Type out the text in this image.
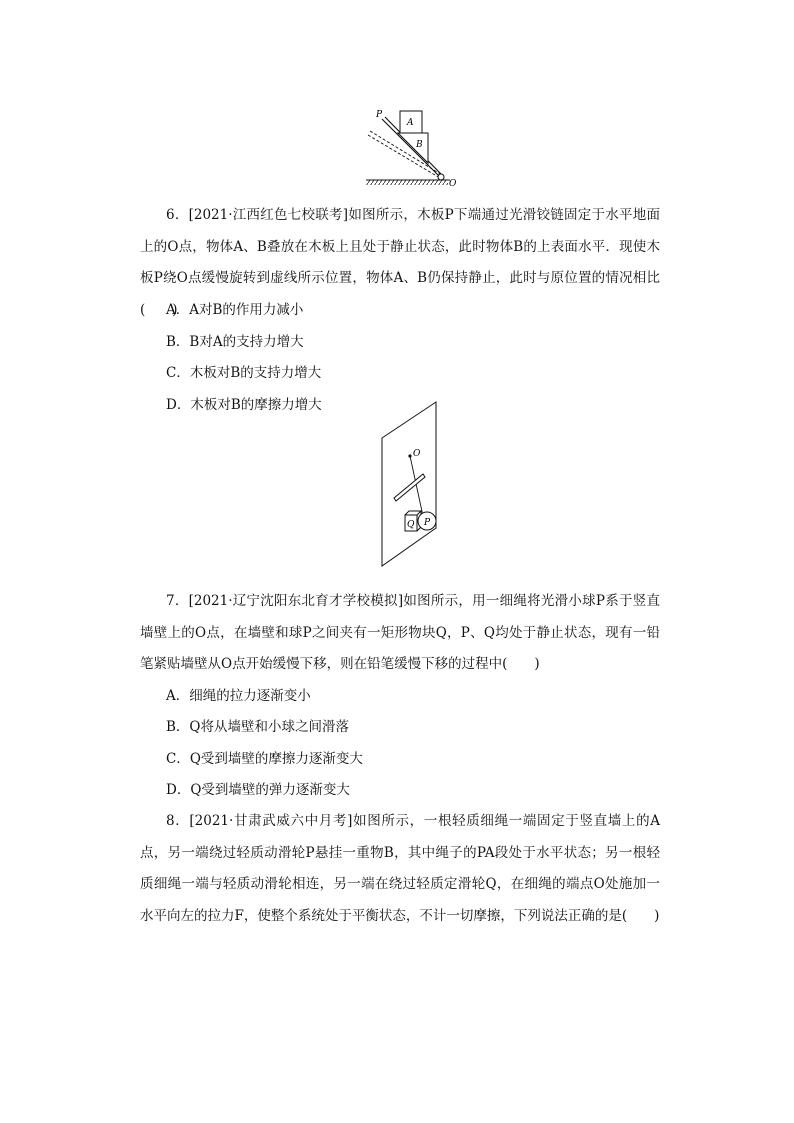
P
A
B
O
6．[2021·江西红色七校联考]如图所示，木板P下端通过光滑铰链固定于水平地面上的O点，物体A、B叠放在木板上且处于静止状态，此时物体B的上表面水平．现使木板P绕O点缓慢旋转到虚线所示位置，物体A、B仍保持静止，此时与原位置的情况相比(　　)
A．A对B的作用力减小
B．B对A的支持力增大
C．木板对B的支持力增大
D．木板对B的摩擦力增大
O
Q P
7．[2021·辽宁沈阳东北育才学校模拟]如图所示，用一细绳将光滑小球P系于竖直墙壁上的O点，在墙壁和球P之间夹有一矩形物块Q，P、Q均处于静止状态，现有一铅笔紧贴墙壁从O点开始缓慢下移，则在铅笔缓慢下移的过程中(　　)
A．细绳的拉力逐渐变小
B．Q将从墙壁和小球之间滑落
C．Q受到墙壁的摩擦力逐渐变大
D．Q受到墙壁的弹力逐渐变大
8．[2021·甘肃武威六中月考]如图所示，一根轻质细绳一端固定于竖直墙上的A点，另一端绕过轻质动滑轮P悬挂一重物B，其中绳子的PA段处于水平状态；另一根轻质细绳一端与轻质动滑轮相连，另一端在绕过轻质定滑轮Q，在细绳的端点O处施加一水平向左的拉力F，使整个系统处于平衡状态，不计一切摩擦，下列说法正确的是(　　)
